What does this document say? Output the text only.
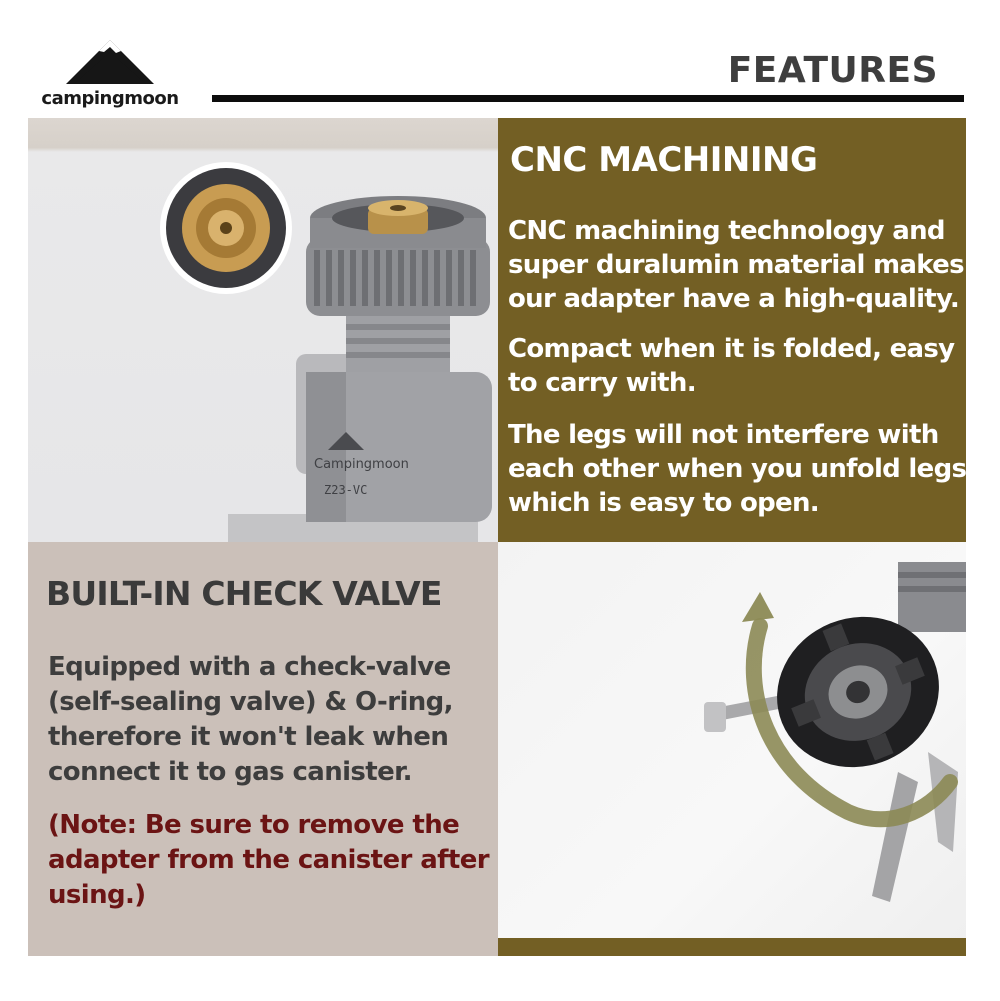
campingmoon
FEATURES
Campingmoon
Z23-VC
CNC MACHINING
CNC machining technology and
super duralumin material makes
our adapter have a high-quality.
Compact when it is folded, easy
to carry with.
The legs will not interfere with
each other when you unfold legs,
which is easy to open.
BUILT-IN CHECK VALVE
Equipped with a check-valve
(self-sealing valve) & O-ring,
therefore it won't leak when
connect it to gas canister.
(Note: Be sure to remove the
adapter from the canister after
using.)
